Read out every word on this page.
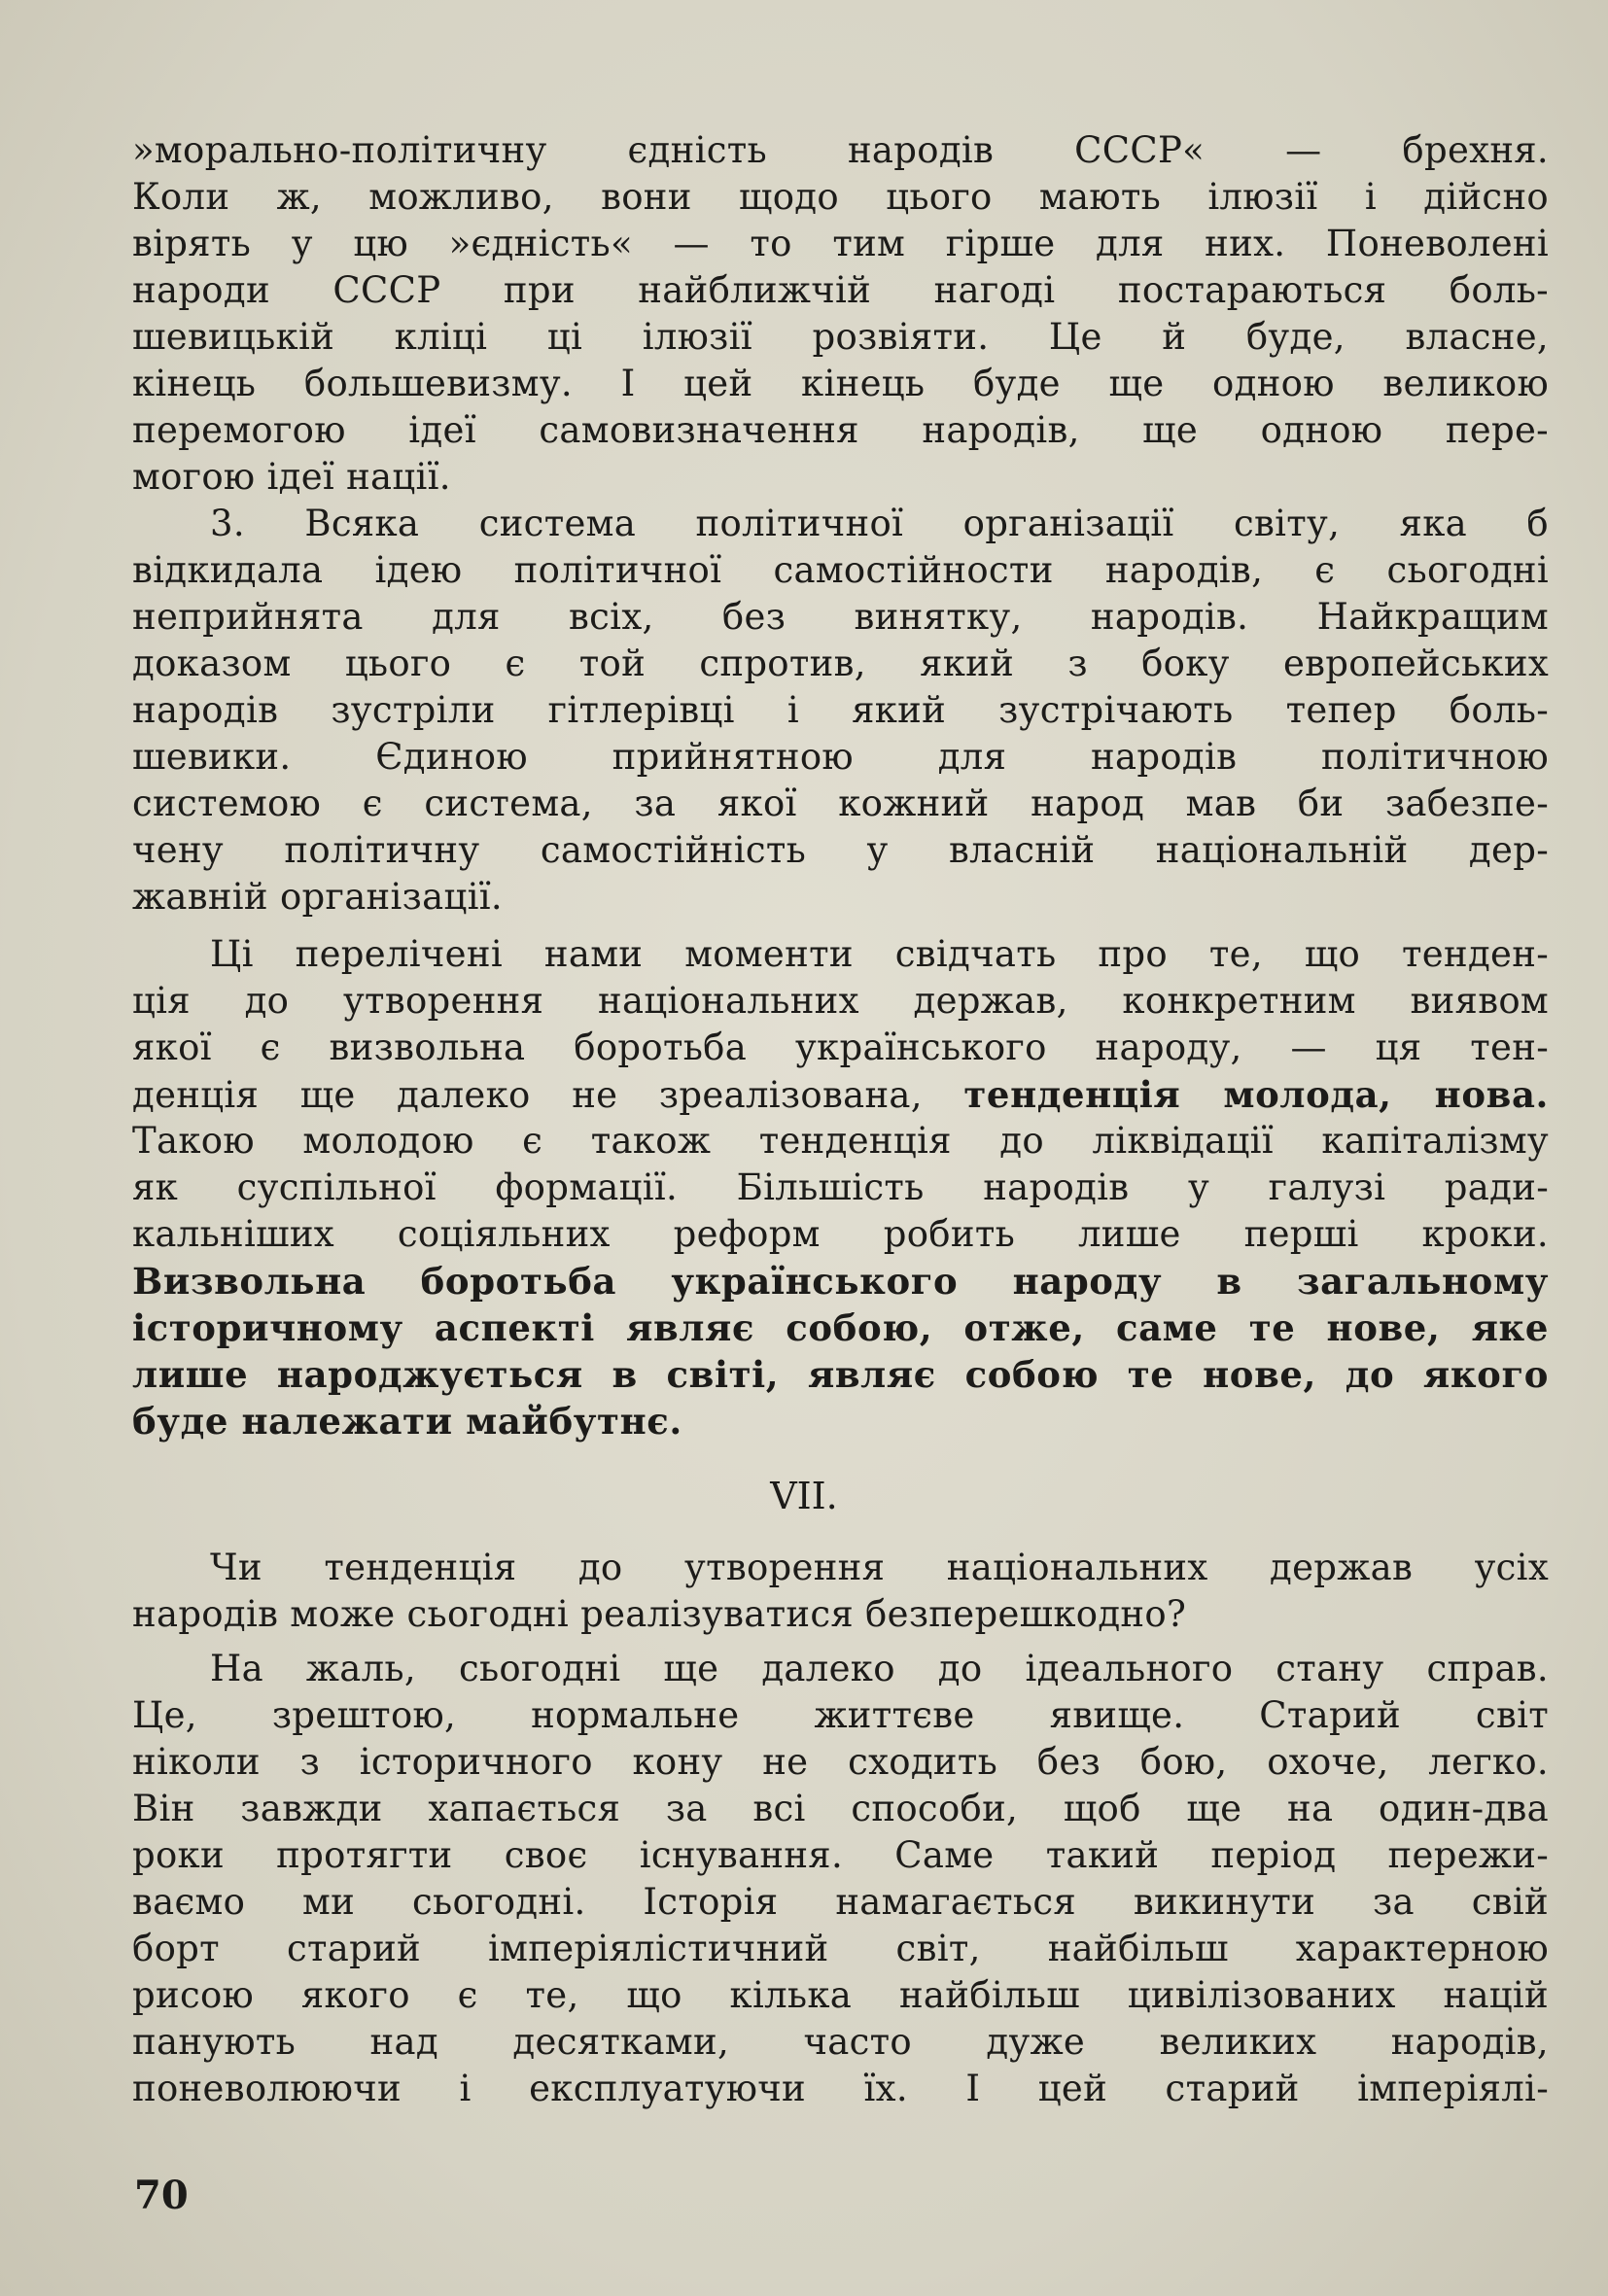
»морально-політичну єдність народів СССР« — брехня.
Коли ж, можливо, вони щодо цього мають ілюзії і дійсно
вірять у цю »єдність« — то тим гірше для них. Поневолені
народи СССР при найближчій нагоді постараються боль-
шевицькій кліці ці ілюзії розвіяти. Це й буде, власне,
кінець большевизму. І цей кінець буде ще одною великою
перемогою ідеї самовизначення народів, ще одною пере-
могою ідеї нації.
3. Всяка система політичної організації світу, яка б
відкидала ідею політичної самостійности народів, є сьогодні
неприйнята для всіх, без винятку, народів. Найкращим
доказом цього є той спротив, який з боку европейських
народів зустріли гітлерівці і який зустрічають тепер боль-
шевики. Єдиною прийнятною для народів політичною
системою є система, за якої кожний народ мав би забезпе-
чену політичну самостійність у власній національній дер-
жавній організації.
Ці перелічені нами моменти свідчать про те, що тенден-
ція до утворення національних держав, конкретним виявом
якої є визвольна боротьба українського народу, — ця тен-
денція ще далеко не зреалізована, тенденція молода, нова.
Такою молодою є також тенденція до ліквідації капіталізму
як суспільної формації. Більшість народів у галузі ради-
кальніших соціяльних реформ робить лише перші кроки.
Визвольна боротьба українського народу в загальному
історичному аспекті являє собою, отже, саме те нове, яке
лише народжується в світі, являє собою те нове, до якого
буде належати майбутнє.
VII.
Чи тенденція до утворення національних держав усіх
народів може сьогодні реалізуватися безперешкодно?
На жаль, сьогодні ще далеко до ідеального стану справ.
Це, зрештою, нормальне життєве явище. Старий світ
ніколи з історичного кону не сходить без бою, охоче, легко.
Він завжди хапається за всі способи, щоб ще на один-два
роки протягти своє існування. Саме такий період пережи-
ваємо ми сьогодні. Історія намагається викинути за свій
борт старий імперіялістичний світ, найбільш характерною
рисою якого є те, що кілька найбільш цивілізованих націй
панують над десятками, часто дуже великих народів,
поневолюючи і експлуатуючи їх. І цей старий імперіялі-
70
